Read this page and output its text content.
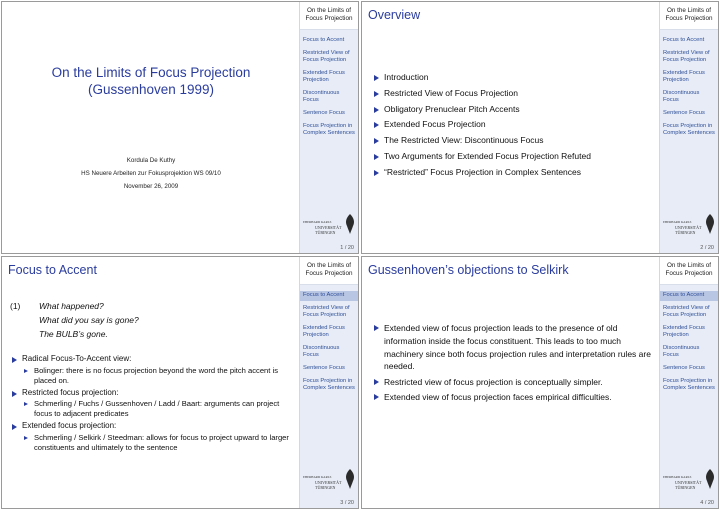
On the Limits of Focus Projection
(Gussenhoven 1999)
Kordula De Kuthy
HS Neuere Arbeiten zur Fokusprojektion WS 09/10
November 26, 2009
On the Limits of
Focus Projection
Focus to Accent
Restricted View of Focus Projection
Extended Focus Projection
Discontinuous Focus
Sentence Focus
Focus Projection in Complex Sentences
EBERHARD KARLS
UNIVERSITÄT
TÜBINGEN
1 / 20
Overview
Introduction
Restricted View of Focus Projection
Obligatory Prenuclear Pitch Accents
Extended Focus Projection
The Restricted View: Discontinuous Focus
Two Arguments for Extended Focus Projection Refuted
“Restricted” Focus Projection in Complex Sentences
On the Limits of
Focus Projection
Focus to Accent
Restricted View of Focus Projection
Extended Focus Projection
Discontinuous Focus
Sentence Focus
Focus Projection in Complex Sentences
EBERHARD KARLS
UNIVERSITÄT
TÜBINGEN
2 / 20
Focus to Accent
(1) What happened?
What did you say is gone?
The BULB’s gone.
Radical Focus-To-Accent view:
Bolinger: there is no focus projection beyond the word the pitch accent is placed on.
Restricted focus projection:
Schmerling / Fuchs / Gussenhoven / Ladd / Baart: arguments can project focus to adjacent predicates
Extended focus projection:
Schmerling / Selkirk / Steedman: allows for focus to project upward to larger constituents and ultimately to the sentence
On the Limits of
Focus Projection
Focus to Accent
Restricted View of Focus Projection
Extended Focus Projection
Discontinuous Focus
Sentence Focus
Focus Projection in Complex Sentences
EBERHARD KARLS
UNIVERSITÄT
TÜBINGEN
3 / 20
Gussenhoven’s objections to Selkirk
Extended view of focus projection leads to the presence of old information inside the focus constituent. This leads to too much machinery since both focus projection rules and interpretation rules are needed.
Restricted view of focus projection is conceptually simpler.
Extended view of focus projection faces empirical difficulties.
On the Limits of
Focus Projection
Focus to Accent
Restricted View of Focus Projection
Extended Focus Projection
Discontinuous Focus
Sentence Focus
Focus Projection in Complex Sentences
EBERHARD KARLS
UNIVERSITÄT
TÜBINGEN
4 / 20
